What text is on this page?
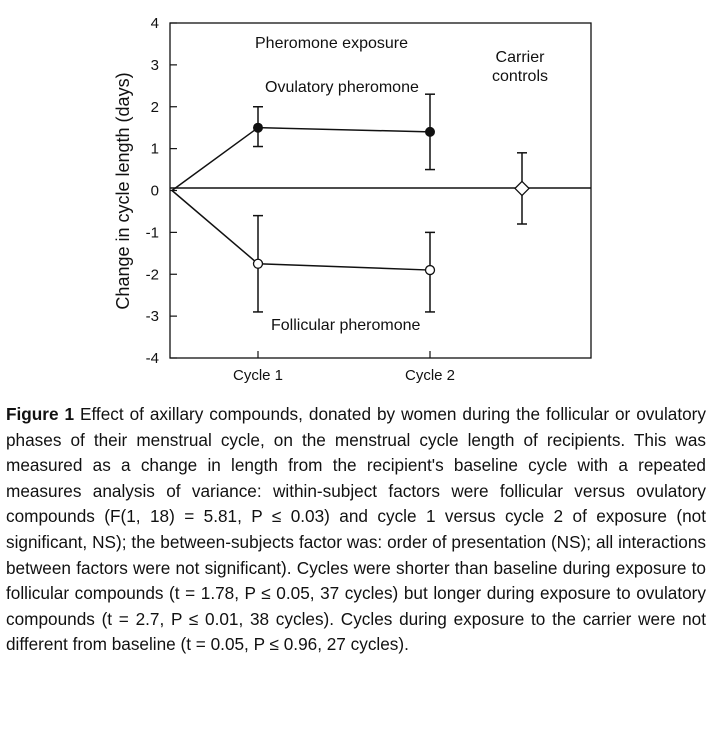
4
3
2
1
0
-1
-2
-3
-4
Change in cycle length (days)
Cycle 1	Cycle 2
Pheromone exposure
Ovulatory pheromone
Follicular pheromone
Carrier
controls

Figure 1 Effect of axillary compounds, donated by women during the follicular or ovulatory phases of their menstrual cycle, on the menstrual cycle length of recipients. This was measured as a change in length from the recipient's baseline cycle with a repeated measures analysis of variance: within-subject factors were follicular versus ovulatory compounds (F(1, 18) = 5.81, P ≤ 0.03) and cycle 1 versus cycle 2 of exposure (not significant, NS); the between-subjects factor was: order of presentation (NS); all interactions between factors were not significant). Cycles were shorter than baseline during exposure to follicular compounds (t = 1.78, P ≤ 0.05, 37 cycles) but longer during exposure to ovulatory compounds (t = 2.7, P ≤ 0.01, 38 cycles). Cycles during exposure to the carrier were not different from baseline (t = 0.05, P ≤ 0.96, 27 cycles).
